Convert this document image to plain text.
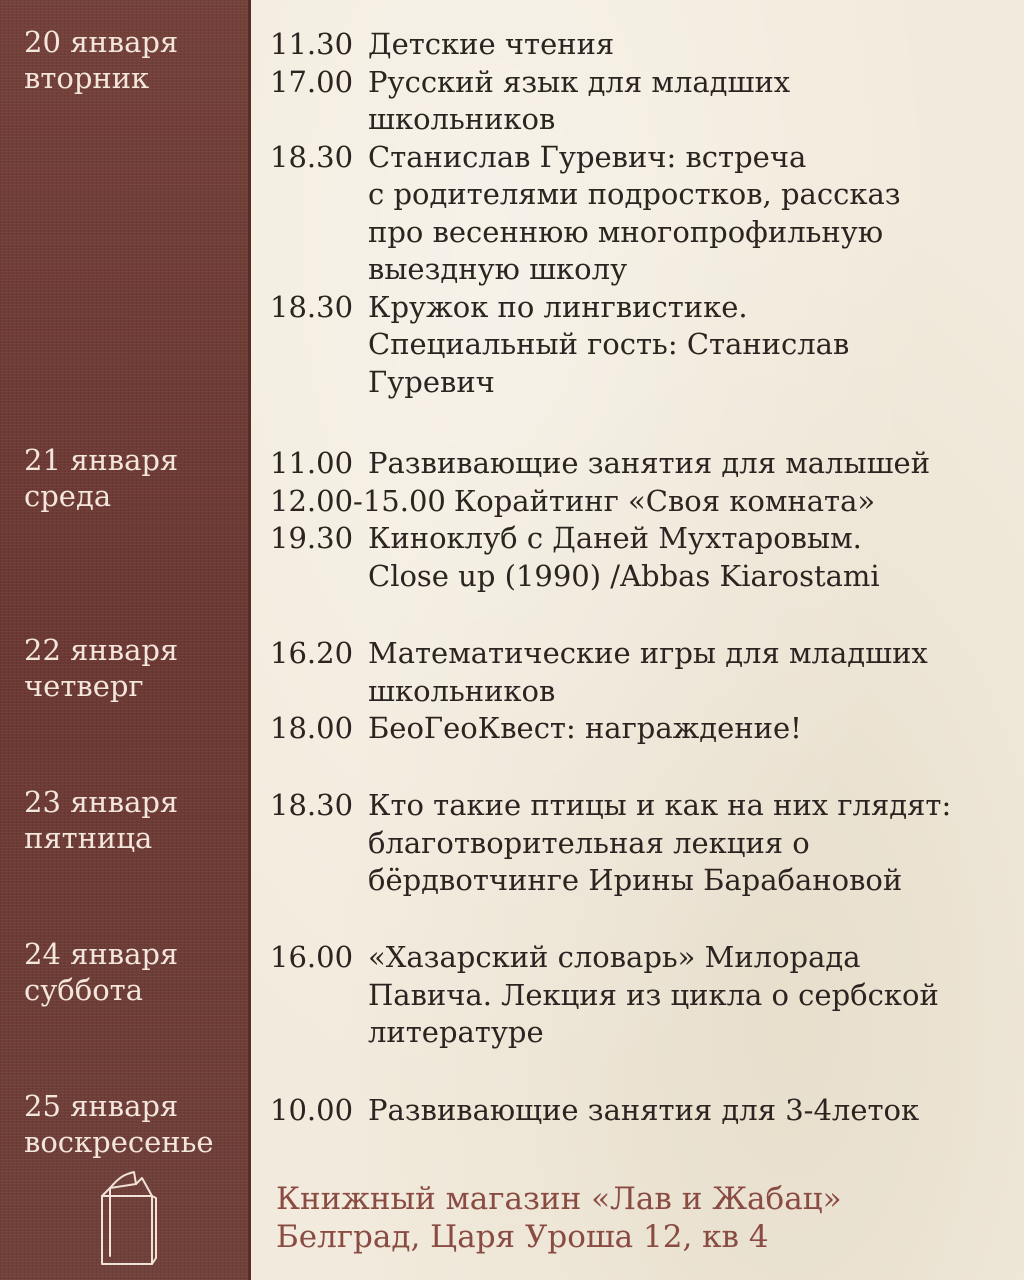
20 января
вторник
11.30 Детские чтения
17.00 Русский язык для младших
школьников
18.30 Станислав Гуревич: встреча
с родителями подростков, рассказ
про весеннюю многопрофильную
выездную школу
18.30 Кружок по лингвистике.
Специальный гость: Станислав
Гуревич
21 января
среда
11.00 Развивающие занятия для малышей
12.00-15.00 Корайтинг «Своя комната»
19.30 Киноклуб с Даней Мухтаровым.
Close up (1990) /Abbas Kiarostami
22 января
четверг
16.20 Математические игры для младших
школьников
18.00 БеоГеоКвест: награждение!
23 января
пятница
18.30 Кто такие птицы и как на них глядят:
благотворительная лекция о
бёрдвотчинге Ирины Барабановой
24 января
суббота
16.00 «Хазарский словарь» Милорада
Павича. Лекция из цикла о сербской
литературе
25 января
воскресенье
10.00 Развивающие занятия для 3-4леток
Книжный магазин «Лав и Жабац»
Белград, Царя Уроша 12, кв 4
